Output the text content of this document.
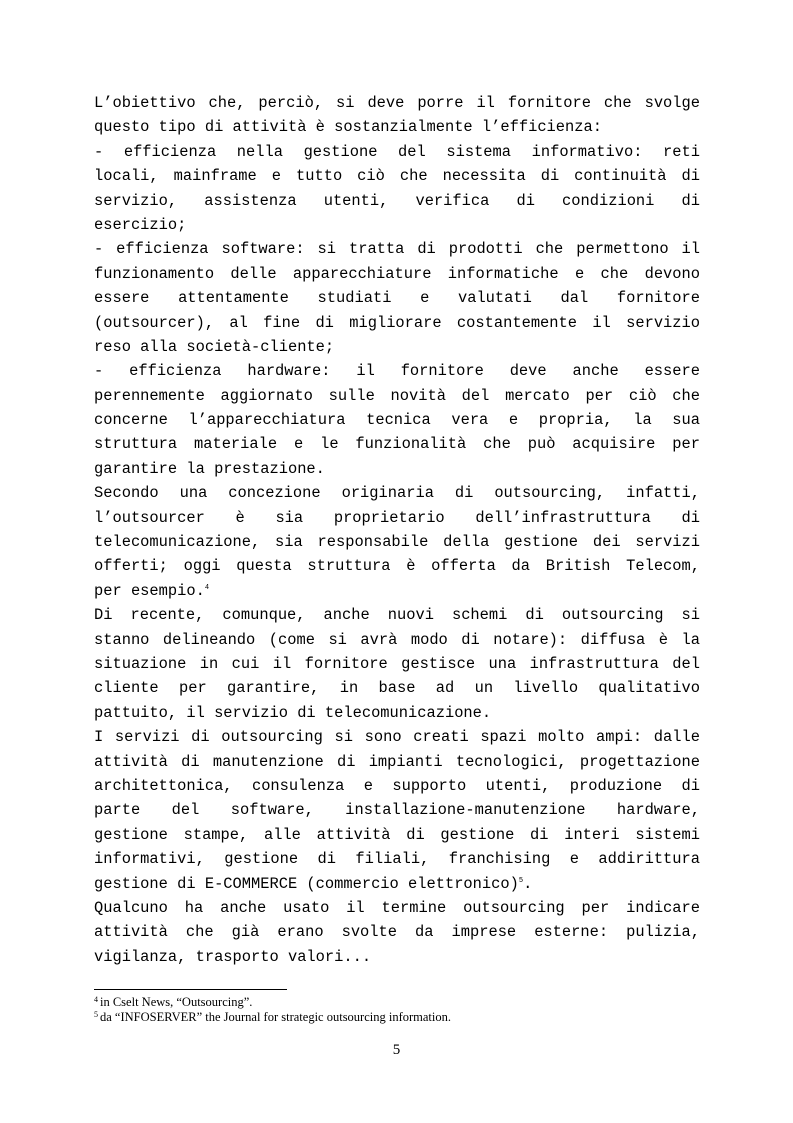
L’obiettivo che, perciò, si deve porre il fornitore che svolge
questo tipo di attività è sostanzialmente l’efficienza:
- efficienza nella gestione del sistema informativo: reti
locali, mainframe e tutto ciò che necessita di continuità di
servizio, assistenza utenti, verifica di condizioni di
esercizio;
- efficienza software: si tratta di prodotti che permettono il
funzionamento delle apparecchiature informatiche e che devono
essere attentamente studiati e valutati dal fornitore
(outsourcer), al fine di migliorare costantemente il servizio
reso alla società-cliente;
- efficienza hardware: il fornitore deve anche essere
perennemente aggiornato sulle novità del mercato per ciò che
concerne l’apparecchiatura tecnica vera e propria, la sua
struttura materiale e le funzionalità che può acquisire per
garantire la prestazione.
Secondo una concezione originaria di outsourcing, infatti,
l’outsourcer è sia proprietario dell’infrastruttura di
telecomunicazione, sia responsabile della gestione dei servizi
offerti; oggi questa struttura è offerta da British Telecom,
per esempio.$^4$
Di recente, comunque, anche nuovi schemi di outsourcing si
stanno delineando (come si avrà modo di notare): diffusa è la
situazione in cui il fornitore gestisce una infrastruttura del
cliente per garantire, in base ad un livello qualitativo
pattuito, il servizio di telecomunicazione.
I servizi di outsourcing si sono creati spazi molto ampi: dalle
attività di manutenzione di impianti tecnologici, progettazione
architettonica, consulenza e supporto utenti, produzione di
parte del software, installazione-manutenzione hardware,
gestione stampe, alle attività di gestione di interi sistemi
informativi, gestione di filiali, franchising e addirittura
gestione di E-COMMERCE (commercio elettronico)$^5$.
Qualcuno ha anche usato il termine outsourcing per indicare
attività che già erano svolte da imprese esterne: pulizia,
vigilanza, trasporto valori...
$^4$ in Cselt News, “Outsourcing”.
$^5$ da “INFOSERVER” the Journal for strategic outsourcing information.
5
